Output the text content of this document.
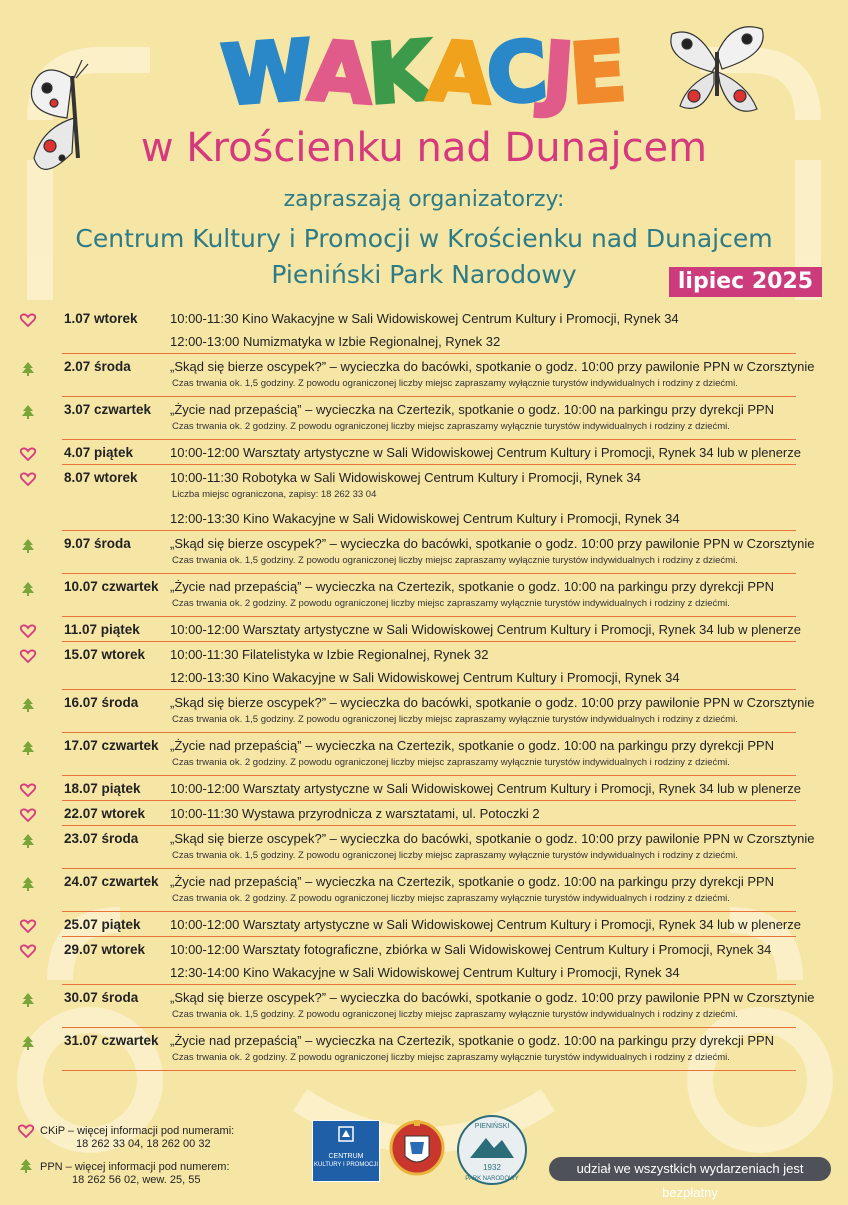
WAKACJE
w Krościenku nad Dunajcem
zapraszają organizatorzy:
Centrum Kultury i Promocji w Krościenku nad Dunajcem
Pieniński Park Narodowy	lipiec 2025
1.07 wtorek 10:00-11:30 Kino Wakacyjne w Sali Widowiskowej Centrum Kultury i Promocji, Rynek 34
12:00-13:00 Numizmatyka w Izbie Regionalnej, Rynek 32
2.07 środa	„Skąd się bierze oscypek?” – wycieczka do bacówki, spotkanie o godz. 10:00 przy pawilonie PPN w Czorsztynie
Czas trwania ok. 1,5 godziny. Z powodu ograniczonej liczby miejsc zapraszamy wyłącznie turystów indywidualnych i rodziny z dziećmi.
3.07 czwartek „Życie nad przepaścią” – wycieczka na Czertezik, spotkanie o godz. 10:00 na parkingu przy dyrekcji PPN
Czas trwania ok. 2 godziny. Z powodu ograniczonej liczby miejsc zapraszamy wyłącznie turystów indywidualnych i rodziny z dziećmi.
4.07 piątek	10:00-12:00 Warsztaty artystyczne w Sali Widowiskowej Centrum Kultury i Promocji, Rynek 34 lub w plenerze
8.07 wtorek 10:00-11:30 Robotyka w Sali Widowiskowej Centrum Kultury i Promocji, Rynek 34
Liczba miejsc ograniczona, zapisy: 18 262 33 04
12:00-13:30 Kino Wakacyjne w Sali Widowiskowej Centrum Kultury i Promocji, Rynek 34
9.07 środa	„Skąd się bierze oscypek?” – wycieczka do bacówki, spotkanie o godz. 10:00 przy pawilonie PPN w Czorsztynie
Czas trwania ok. 1,5 godziny. Z powodu ograniczonej liczby miejsc zapraszamy wyłącznie turystów indywidualnych i rodziny z dziećmi.
10.07 czwartek „Życie nad przepaścią” – wycieczka na Czertezik, spotkanie o godz. 10:00 na parkingu przy dyrekcji PPN
Czas trwania ok. 2 godziny. Z powodu ograniczonej liczby miejsc zapraszamy wyłącznie turystów indywidualnych i rodziny z dziećmi.
11.07 piątek 10:00-12:00 Warsztaty artystyczne w Sali Widowiskowej Centrum Kultury i Promocji, Rynek 34 lub w plenerze
15.07 wtorek 10:00-11:30 Filatelistyka w Izbie Regionalnej, Rynek 32
12:00-13:30 Kino Wakacyjne w Sali Widowiskowej Centrum Kultury i Promocji, Rynek 34
16.07 środa „Skąd się bierze oscypek?” – wycieczka do bacówki, spotkanie o godz. 10:00 przy pawilonie PPN w Czorsztynie
Czas trwania ok. 1,5 godziny. Z powodu ograniczonej liczby miejsc zapraszamy wyłącznie turystów indywidualnych i rodziny z dziećmi.
17.07 czwartek „Życie nad przepaścią” – wycieczka na Czertezik, spotkanie o godz. 10:00 na parkingu przy dyrekcji PPN
Czas trwania ok. 2 godziny. Z powodu ograniczonej liczby miejsc zapraszamy wyłącznie turystów indywidualnych i rodziny z dziećmi.
18.07 piątek 10:00-12:00 Warsztaty artystyczne w Sali Widowiskowej Centrum Kultury i Promocji, Rynek 34 lub w plenerze
22.07 wtorek 10:00-11:30 Wystawa przyrodnicza z warsztatami, ul. Potoczki 2
23.07 środa „Skąd się bierze oscypek?” – wycieczka do bacówki, spotkanie o godz. 10:00 przy pawilonie PPN w Czorsztynie
Czas trwania ok. 1,5 godziny. Z powodu ograniczonej liczby miejsc zapraszamy wyłącznie turystów indywidualnych i rodziny z dziećmi.
24.07 czwartek „Życie nad przepaścią” – wycieczka na Czertezik, spotkanie o godz. 10:00 na parkingu przy dyrekcji PPN
Czas trwania ok. 2 godziny. Z powodu ograniczonej liczby miejsc zapraszamy wyłącznie turystów indywidualnych i rodziny z dziećmi.
25.07 piątek 10:00-12:00 Warsztaty artystyczne w Sali Widowiskowej Centrum Kultury i Promocji, Rynek 34 lub w plenerze
29.07 wtorek 10:00-12:00 Warsztaty fotograficzne, zbiórka w Sali Widowiskowej Centrum Kultury i Promocji, Rynek 34
12:30-14:00 Kino Wakacyjne w Sali Widowiskowej Centrum Kultury i Promocji, Rynek 34
30.07 środa „Skąd się bierze oscypek?” – wycieczka do bacówki, spotkanie o godz. 10:00 przy pawilonie PPN w Czorsztynie
Czas trwania ok. 1,5 godziny. Z powodu ograniczonej liczby miejsc zapraszamy wyłącznie turystów indywidualnych i rodziny z dziećmi.
31.07 czwartek „Życie nad przepaścią” – wycieczka na Czertezik, spotkanie o godz. 10:00 na parkingu przy dyrekcji PPN
Czas trwania ok. 2 godziny. Z powodu ograniczonej liczby miejsc zapraszamy wyłącznie turystów indywidualnych i rodziny z dziećmi.
CKiP – więcej informacji pod numerami:
18 262 33 04, 18 262 00 32
PPN – więcej informacji pod numerem:
18 262 56 02, wew. 25, 55
CENTRUM
KULTURY I PROMOCJI	1932
PIENIŃSKI
PARK NARODOWY
udział we wszystkich wydarzeniach jest bezpłatny
